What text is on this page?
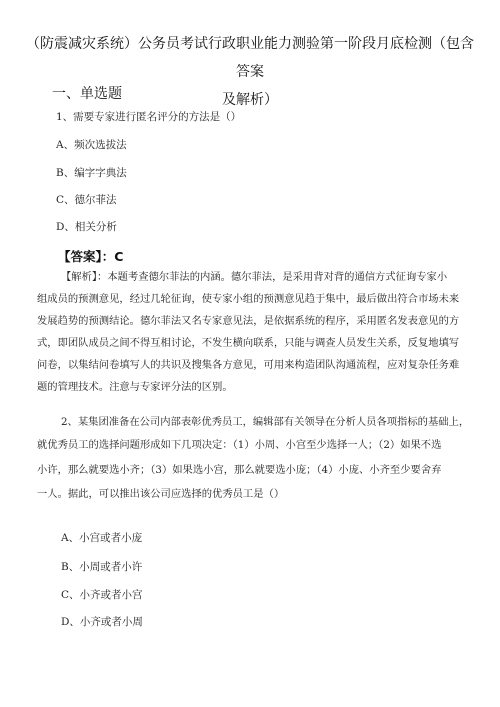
（防震减灾系统）公务员考试行政职业能力测验第一阶段月底检测（包含答案
及解析）
一、单选题
1、需要专家进行匿名评分的方法是（）
A、频次选拔法
B、编字字典法
C、德尔菲法
D、相关分析
【答案】：C
【解析】：本题考查德尔菲法的内涵。德尔菲法，是采用背对背的通信方式征询专家小
组成员的预测意见，经过几轮征询，使专家小组的预测意见趋于集中，最后做出符合市场未来
发展趋势的预测结论。德尔菲法又名专家意见法，是依据系统的程序，采用匿名发表意见的方
式，即团队成员之间不得互相讨论，不发生横向联系，只能与调查人员发生关系，反复地填写
问卷，以集结问卷填写人的共识及搜集各方意见，可用来构造团队沟通流程，应对复杂任务难
题的管理技术。注意与专家评分法的区别。
2、某集团准备在公司内部表彰优秀员工，编辑部有关领导在分析人员各项指标的基础上，
就优秀员工的选择问题形成如下几项决定：（1）小周、小宫至少选择一人；（2）如果不选
小许，那么就要选小齐；（3）如果选小宫，那么就要选小庞；（4）小庞、小齐至少要舍弃
一人。据此，可以推出该公司应选择的优秀员工是（）
A、小宫或者小庞
B、小周或者小许
C、小齐或者小宫
D、小齐或者小周
